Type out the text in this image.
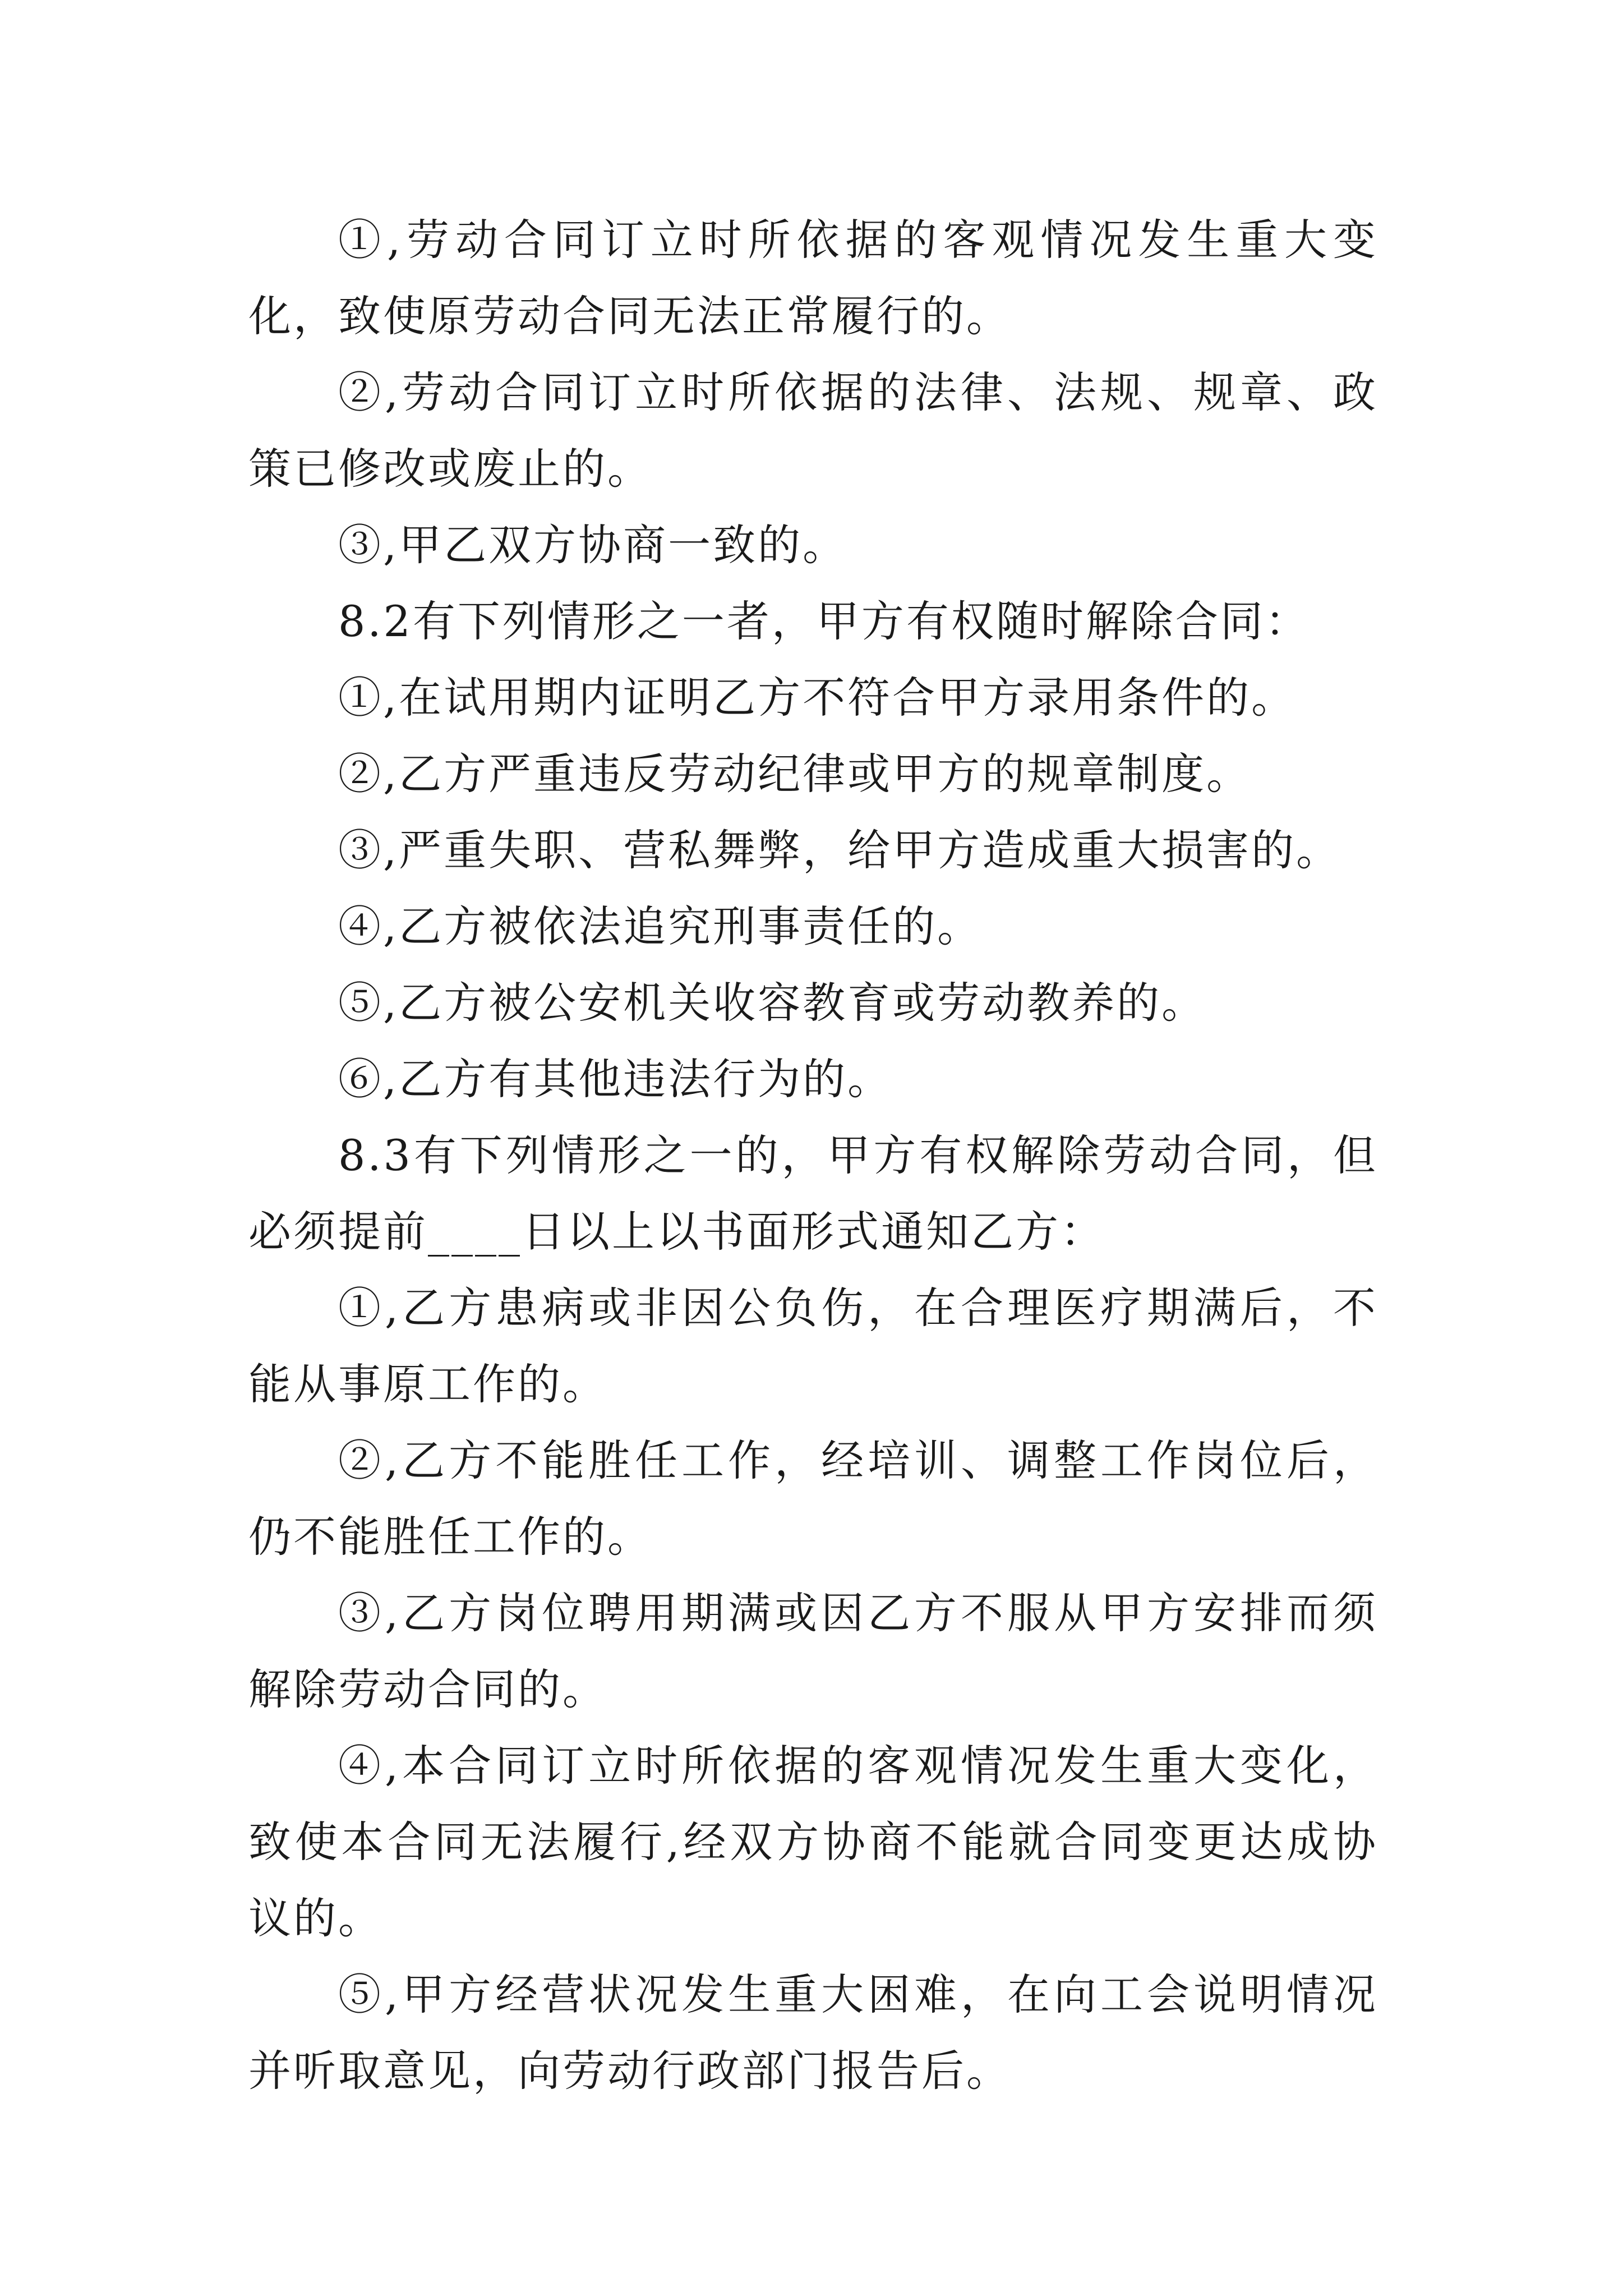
①,劳动合同订立时所依据的客观情况发生重大变化，致使原劳动合同无法正常履行的。

②,劳动合同订立时所依据的法律、法规、规章、政策已修改或废止的。

③,甲乙双方协商一致的。

8.2有下列情形之一者，甲方有权随时解除合同：

①,在试用期内证明乙方不符合甲方录用条件的。

②,乙方严重违反劳动纪律或甲方的规章制度。

③,严重失职、营私舞弊，给甲方造成重大损害的。

④,乙方被依法追究刑事责任的。

⑤,乙方被公安机关收容教育或劳动教养的。

⑥,乙方有其他违法行为的。

8.3有下列情形之一的，甲方有权解除劳动合同，但必须提前____日以上以书面形式通知乙方：

①,乙方患病或非因公负伤，在合理医疗期满后，不能从事原工作的。

②,乙方不能胜任工作，经培训、调整工作岗位后，仍不能胜任工作的。

③,乙方岗位聘用期满或因乙方不服从甲方安排而须解除劳动合同的。

④,本合同订立时所依据的客观情况发生重大变化，致使本合同无法履行,经双方协商不能就合同变更达成协议的。

⑤,甲方经营状况发生重大困难，在向工会说明情况并听取意见，向劳动行政部门报告后。
